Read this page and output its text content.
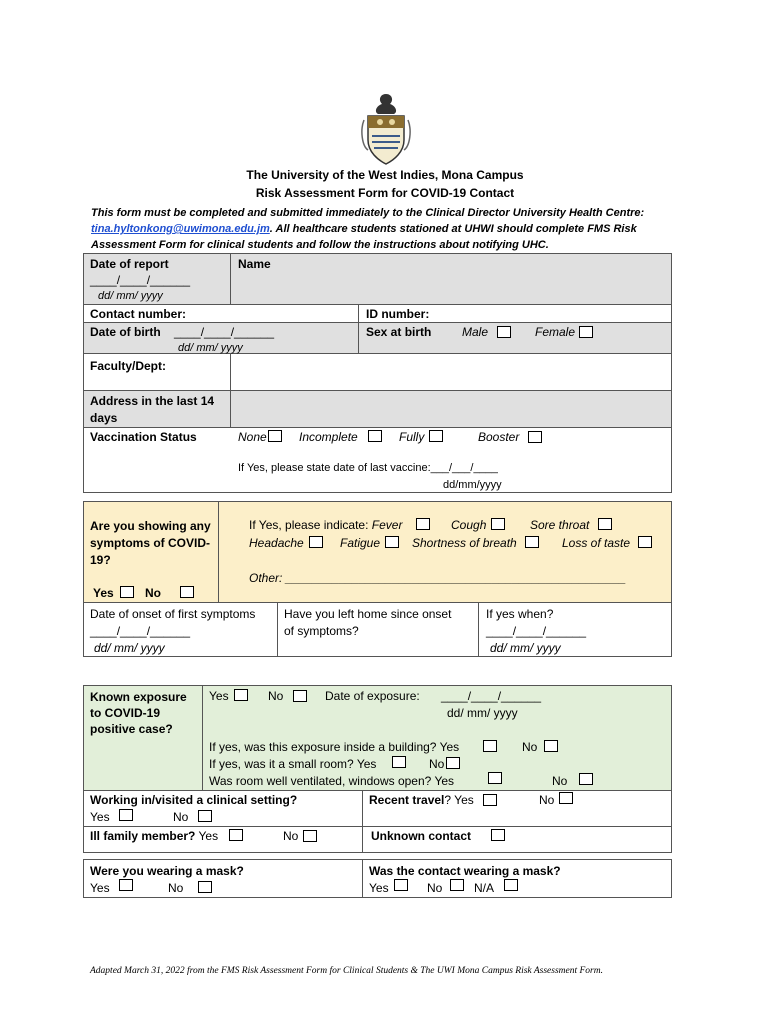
The University of the West Indies, Mona Campus
Risk Assessment Form for COVID-19 Contact
This form must be completed and submitted immediately to the Clinical Director University Health Centre:
tina.hyltonkong@uwimona.edu.jm. All healthcare students stationed at UHWI should complete FMS Risk
Assessment Form for clinical students and follow the instructions about notifying UHC.
Date of report
____/____/______
dd/ mm/ yyyy
Name
Contact number:	ID number:
Date of birth ____/____/______
dd/ mm/ yyyy
Sex at birth	Male	Female
Faculty/Dept:
Address in the last 14
days
Vaccination Status	None	Incomplete	Fully	Booster
If Yes, please state date of last vaccine:___/___/____
dd/mm/yyyy
Are you showing any
symptoms of COVID-
19?
Yes	No
If Yes, please indicate: Fever	Cough	Sore throat
Headache	Fatigue	Shortness of breath	Loss of taste
Other: ___________________________________________________
Date of onset of first symptoms
____/____/______
dd/ mm/ yyyy
Have you left home since onset
of symptoms?
If yes when?
____/____/______
dd/ mm/ yyyy
Known exposure
to COVID-19
positive case?
Yes	No	Date of exposure: ____/____/______
dd/ mm/ yyyy
If yes, was this exposure inside a building? Yes	No
If yes, was it a small room? Yes	No
Was room well ventilated, windows open? Yes	No
Working in/visited a clinical setting?
Yes	No
Recent travel? Yes	No
Ill family member? Yes	No	Unknown contact
Were you wearing a mask?
Yes	No
Was the contact wearing a mask?
Yes	No	N/A
Adapted March 31, 2022 from the FMS Risk Assessment Form for Clinical Students & The UWI Mona Campus Risk Assessment Form.
